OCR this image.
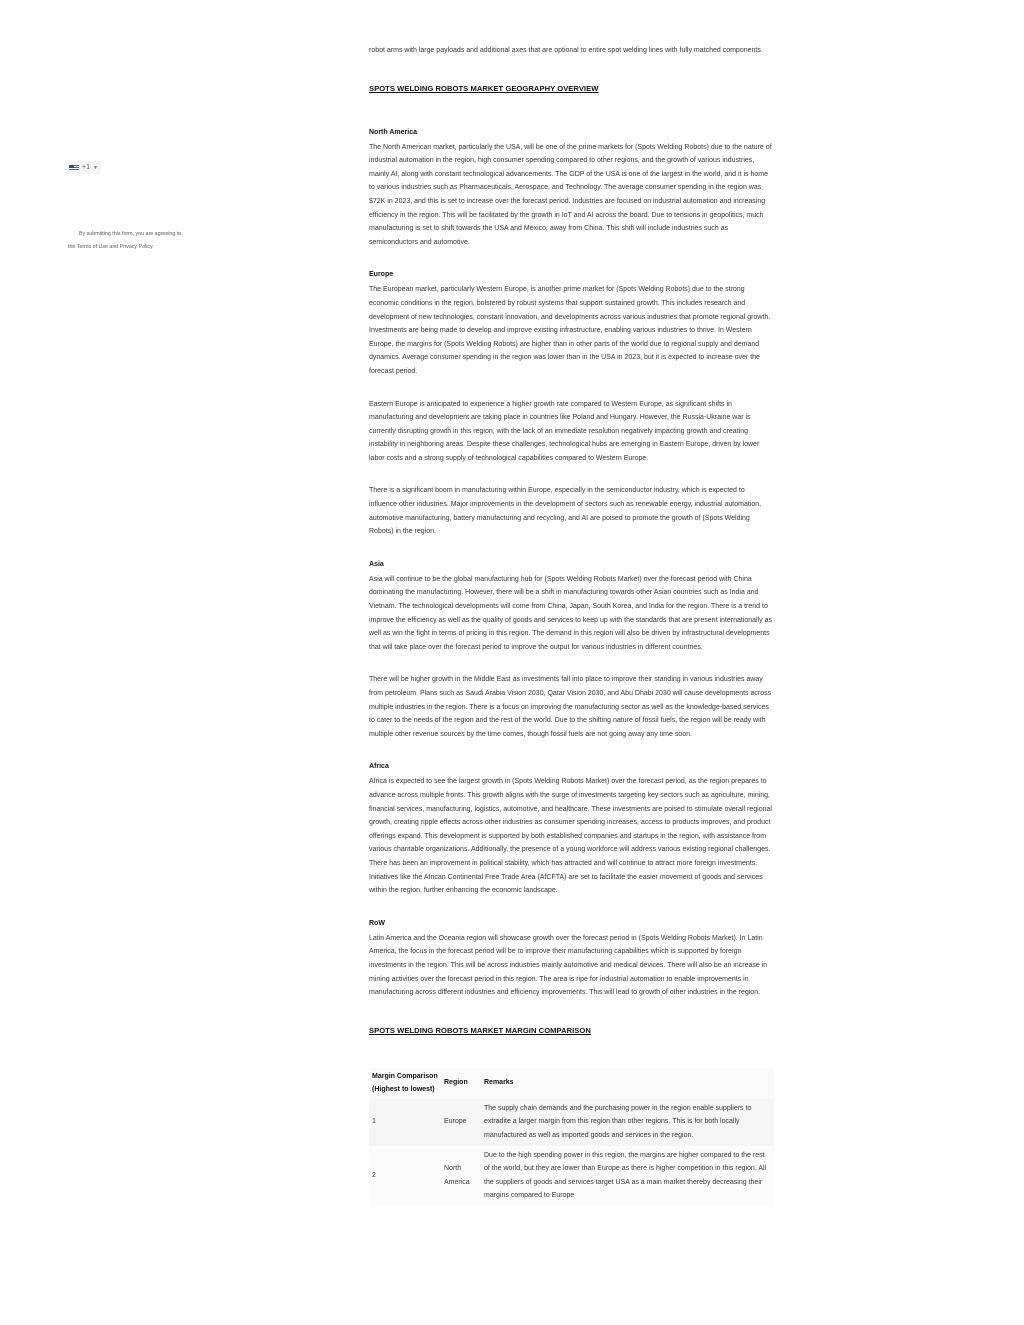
+1 ▼
By submitting this form, you are agreeing to
the Terms of Use and Privacy Policy.

robot arms with large payloads and additional axes that are optional to entire spot welding lines with fully matched components.

SPOTS WELDING ROBOTS MARKET GEOGRAPHY OVERVIEW
North America

The North American market, particularly the USA, will be one of the prime markets for (Spots Welding Robots) due to the nature of industrial automation in the region, high consumer spending compared to other regions, and the growth of various industries, mainly AI, along with constant technological advancements. The GDP of the USA is one of the largest in the world, and it is home to various industries such as Pharmaceuticals, Aerospace, and Technology. The average consumer spending in the region was $72K in 2023, and this is set to increase over the forecast period. Industries are focused on industrial automation and increasing efficiency in the region. This will be facilitated by the growth in IoT and AI across the board. Due to tensions in geopolitics, much manufacturing is set to shift towards the USA and Mexico, away from China. This shift will include industries such as semiconductors and automotive.

Europe

The European market, particularly Western Europe, is another prime market for (Spots Welding Robots) due to the strong economic conditions in the region, bolstered by robust systems that support sustained growth. This includes research and development of new technologies, constant innovation, and developments across various industries that promote regional growth. Investments are being made to develop and improve existing infrastructure, enabling various industries to thrive. In Western Europe, the margins for (Spots Welding Robots) are higher than in other parts of the world due to regional supply and demand dynamics. Average consumer spending in the region was lower than in the USA in 2023, but it is expected to increase over the forecast period.

Eastern Europe is anticipated to experience a higher growth rate compared to Western Europe, as significant shifts in manufacturing and development are taking place in countries like Poland and Hungary. However, the Russia-Ukraine war is currently disrupting growth in this region, with the lack of an immediate resolution negatively impacting growth and creating instability in neighboring areas. Despite these challenges, technological hubs are emerging in Eastern Europe, driven by lower labor costs and a strong supply of technological capabilities compared to Western Europe.

There is a significant boom in manufacturing within Europe, especially in the semiconductor industry, which is expected to influence other industries. Major improvements in the development of sectors such as renewable energy, industrial automation, automotive manufacturing, battery manufacturing and recycling, and AI are poised to promote the growth of (Spots Welding Robots) in the region.

Asia

Asia will continue to be the global manufacturing hub for (Spots Welding Robots Market) over the forecast period with China dominating the manufacturing. However, there will be a shift in manufacturing towards other Asian countries such as India and Vietnam. The technological developments will come from China, Japan, South Korea, and India for the region. There is a trend to improve the efficiency as well as the quality of goods and services to keep up with the standards that are present internationally as well as win the fight in terms of pricing in this region. The demand in this region will also be driven by infrastructural developments that will take place over the forecast period to improve the output for various industries in different countries.

There will be higher growth in the Middle East as investments fall into place to improve their standing in various industries away from petroleum. Plans such as Saudi Arabia Vision 2030, Qatar Vision 2030, and Abu Dhabi 2030 will cause developments across multiple industries in the region. There is a focus on improving the manufacturing sector as well as the knowledge-based services to cater to the needs of the region and the rest of the world. Due to the shifting nature of fossil fuels, the region will be ready with multiple other revenue sources by the time comes, though fossil fuels are not going away any time soon.

Africa

Africa is expected to see the largest growth in (Spots Welding Robots Market) over the forecast period, as the region prepares to advance across multiple fronts. This growth aligns with the surge of investments targeting key sectors such as agriculture, mining, financial services, manufacturing, logistics, automotive, and healthcare. These investments are poised to stimulate overall regional growth, creating ripple effects across other industries as consumer spending increases, access to products improves, and product offerings expand. This development is supported by both established companies and startups in the region, with assistance from various charitable organizations. Additionally, the presence of a young workforce will address various existing regional challenges. There has been an improvement in political stability, which has attracted and will continue to attract more foreign investments. Initiatives like the African Continental Free Trade Area (AfCFTA) are set to facilitate the easier movement of goods and services within the region, further enhancing the economic landscape.

RoW

Latin America and the Oceania region will showcase growth over the forecast period in (Spots Welding Robots Market). In Latin America, the focus in the forecast period will be to improve their manufacturing capabilities which is supported by foreign investments in the region. This will be across industries mainly automotive and medical devices. There will also be an increase in mining activities over the forecast period in this region. The area is ripe for industrial automation to enable improvements in manufacturing across different industries and efficiency improvements. This will lead to growth of other industries in the region.

SPOTS WELDING ROBOTS MARKET MARGIN COMPARISON
Margin Comparison (Highest to lowest)	Region	Remarks
1	Europe	The supply chain demands and the purchasing power in the region enable suppliers to extradite a larger margin from this region than other regions. This is for both locally manufactured as well as imported goods and services in the region.
2	North America	Due to the high spending power in this region, the margins are higher compared to the rest of the world, but they are lower than Europe as there is higher competition in this region. All the suppliers of goods and services target USA as a main market thereby decreasing their margins compared to Europe
